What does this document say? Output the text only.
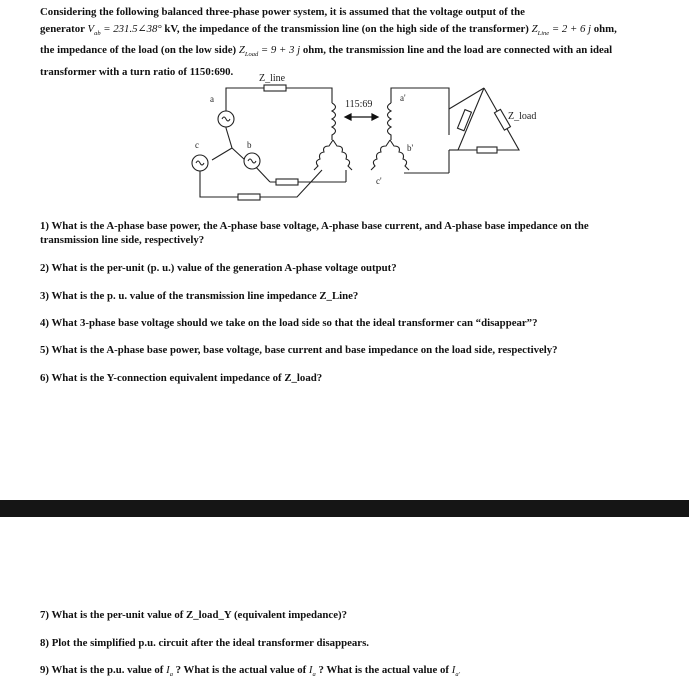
Considering the following balanced three-phase power system, it is assumed that the voltage output of the
generator $V_{ab}$ = 231.5∠38° kV, the impedance of the transmission line (on the high side of the transformer) $Z_{Line} = 2 + 6$ j ohm,
the impedance of the load (on the low side) $Z_{Load} = 9 + 3$ j ohm, the transmission line and the load are connected with an ideal
transformer with a turn ratio of 1150:690.
Z_line
115:69
Z_load
a
b
c
a'
b'
c'
1) What is the A-phase base power, the A-phase base voltage, A-phase base current, and A-phase base impedance on the
transmission line side, respectively?
2) What is the per-unit (p. u.) value of the generation A-phase voltage output?
3) What is the p. u. value of the transmission line impedance Z_Line?
4) What 3-phase base voltage should we take on the load side so that the ideal transformer can “disappear”?
5) What is the A-phase base power, base voltage, base current and base impedance on the load side, respectively?
6) What is the Y-connection equivalent impedance of Z_load?
7) What is the per-unit value of Z_load_Y (equivalent impedance)?
8) Plot the simplified p.u. circuit after the ideal transformer disappears.
9) What is the p.u. value of $I_a$ ? What is the actual value of $I_a$ ? What is the actual value of $I_{a'}$
